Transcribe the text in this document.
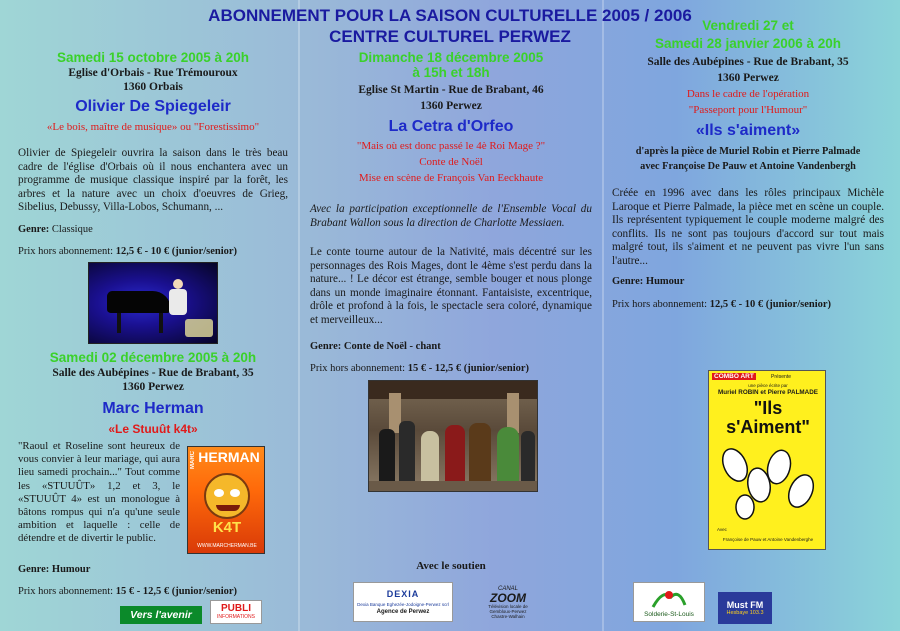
ABONNEMENT POUR LA SAISON CULTURELLE 2005 / 2006
CENTRE CULTUREL PERWEZ
Samedi 15 octobre 2005 à 20h
Eglise d'Orbais - Rue Trémouroux
1360 Orbais
Olivier De Spiegeleir
«Le bois, maître de musique» ou "Forestissimo"

Olivier de Spiegeleir ouvrira la saison dans le très beau cadre de l'église d'Orbais où il nous enchantera avec un programme de musique classique inspiré par la forêt, les arbres et la nature avec un choix d'oeuvres de Grieg, Sibelius, Debussy, Villa-Lobos, Schumann, ...

Genre: Classique
Prix hors abonnement: 12,5 € - 10 € (junior/senior)
Samedi 02 décembre 2005 à 20h
Salle des Aubépines - Rue de Brabant, 35
1360 Perwez
Marc Herman
«Le Stuuût k4t»

"Raoul et Roseline sont heureux de vous convier à leur mariage, qui aura lieu samedi prochain..." Tout comme les «STUUÛT» 1,2 et 3, le «STUUÛT 4» est un monologue à bâtons rompus qui n'a qu'une seule ambition et laquelle : celle de détendre et de divertir le public.

MARC HERMAN
K4T
WWW.MARCHERMAN.BE
Genre: Humour
Prix hors abonnement: 15 € - 12,5 € (junior/senior)
Vers l'avenir
PUBLI
INFORMATIONS
Dimanche 18 décembre 2005
à 15h et 18h
Eglise St Martin - Rue de Brabant, 46
1360 Perwez
La Cetra d'Orfeo
"Mais où est donc passé le 4è Roi Mage ?"
Conte de Noël
Mise en scène de François Van Eeckhaute

Avec la participation exceptionnelle de l'Ensemble Vocal du Brabant Wallon sous la direction de Charlotte Messiaen.

Le conte tourne autour de la Nativité, mais décentré sur les personnages des Rois Mages, dont le 4ème s'est perdu dans la nature... ! Le décor est étrange, semble bouger et nous plonge dans un monde imaginaire étonnant. Fantaisiste, excentrique, drôle et profond à la fois, le spectacle sera coloré, dynamique et merveilleux...

Genre: Conte de Noël - chant
Prix hors abonnement: 15 € - 12,5 € (junior/senior)
Avec le soutien
DEXIA
Dexia Banque Eghezée-Jodoigne-Perwez scrl
Agence de Perwez
CANAL
ZOOM
Télévision locale de
Gembloux-Perwez
Chastre-Walhain
Vendredi 27 et
Samedi 28 janvier 2006 à 20h
Salle des Aubépines - Rue de Brabant, 35
1360 Perwez
Dans le cadre de l'opération
"Passeport pour l'Humour"
«Ils s'aiment»
d'après la pièce de Muriel Robin et Pierre Palmade
avec Françoise De Pauw et Antoine Vandenbergh

Créée en 1996 avec dans les rôles principaux Michèle Laroque et Pierre Palmade, la pièce met en scène un couple. Ils représentent typiquement le couple moderne malgré des conflits. Ils ne sont pas toujours d'accord sur tout mais malgré tout, ils s'aiment et ne peuvent pas vivre l'un sans l'autre...

Genre: Humour
Prix hors abonnement: 12,5 € - 10 € (junior/senior)
COMBO ART	Présente
une pièce écrite par
Muriel ROBIN et Pierre PALMADE
"Ils
s'Aiment"
Avec
Françoise de Pauw et Antoine Vandenberghe
Solderie-St-Louis
Must FM
Hesbaye 103.3
